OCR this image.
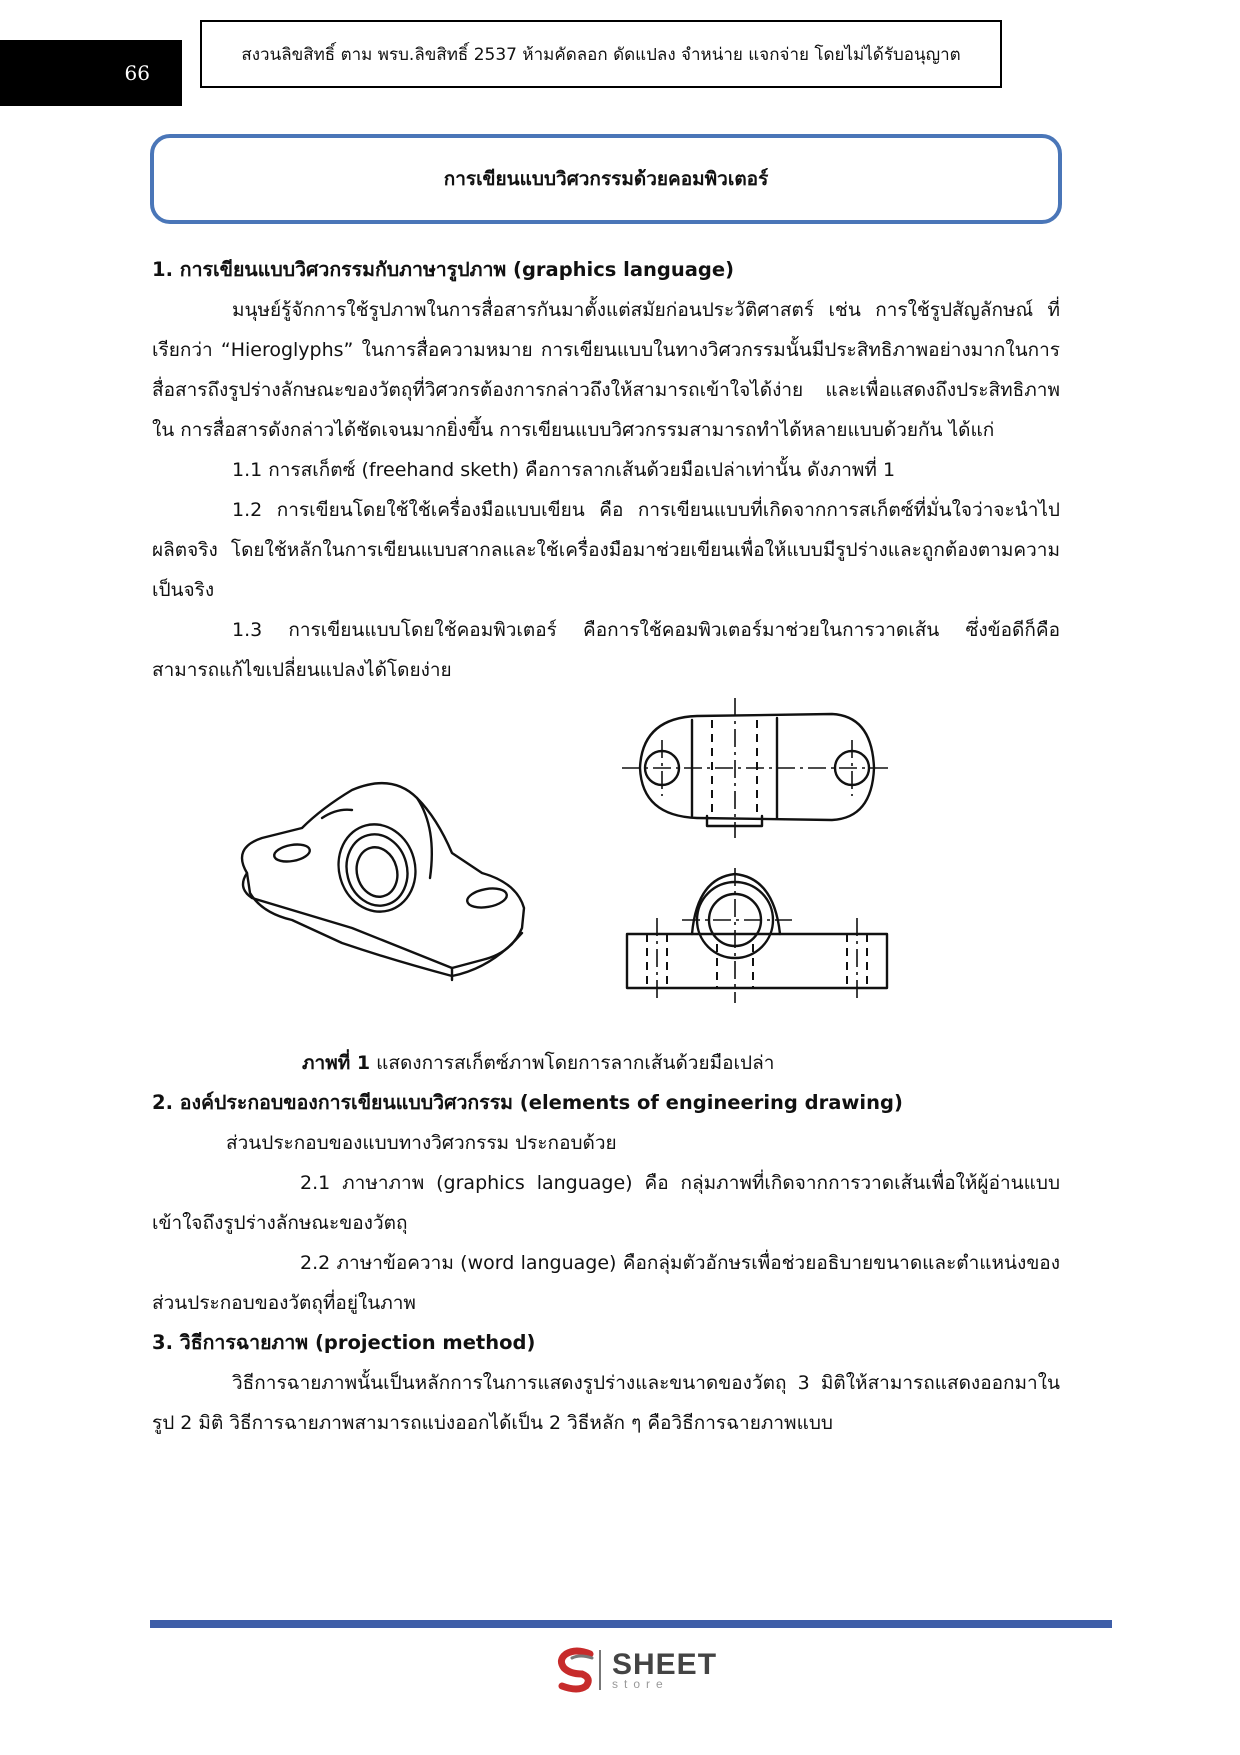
66
สงวนลิขสิทธิ์ ตาม พรบ.ลิขสิทธิ์ 2537 ห้ามคัดลอก ดัดแปลง จำหน่าย แจกจ่าย โดยไม่ได้รับอนุญาต
การเขียนแบบวิศวกรรมด้วยคอมพิวเตอร์

1. การเขียนแบบวิศวกรรมกับภาษารูปภาพ (graphics language)

มนุษย์รู้จักการใช้รูปภาพในการสื่อสารกันมาตั้งแต่สมัยก่อนประวัติศาสตร์ เช่น การใช้รูปสัญลักษณ์ ที่เรียกว่า “Hieroglyphs” ในการสื่อความหมาย การเขียนแบบในทางวิศวกรรมนั้นมีประสิทธิภาพอย่างมากในการสื่อสารถึงรูปร่างลักษณะของวัตถุที่วิศวกรต้องการกล่าวถึงให้สามารถเข้าใจได้ง่าย และเพื่อแสดงถึงประสิทธิภาพใน การสื่อสารดังกล่าวได้ชัดเจนมากยิ่งขึ้น การเขียนแบบวิศวกรรมสามารถทำได้หลายแบบด้วยกัน ได้แก่

1.1 การสเก็ตซ์ (freehand sketh) คือการลากเส้นด้วยมือเปล่าเท่านั้น ดังภาพที่ 1

1.2 การเขียนโดยใช้ใช้เครื่องมือแบบเขียน คือ การเขียนแบบที่เกิดจากการสเก็ตซ์ที่มั่นใจว่าจะนำไปผลิตจริง โดยใช้หลักในการเขียนแบบสากลและใช้เครื่องมือมาช่วยเขียนเพื่อให้แบบมีรูปร่างและถูกต้องตามความเป็นจริง

1.3 การเขียนแบบโดยใช้คอมพิวเตอร์ คือการใช้คอมพิวเตอร์มาช่วยในการวาดเส้น ซึ่งข้อดีก็คือสามารถแก้ไขเปลี่ยนแปลงได้โดยง่าย

ภาพที่ 1 แสดงการสเก็ตซ์ภาพโดยการลากเส้นด้วยมือเปล่า

2. องค์ประกอบของการเขียนแบบวิศวกรรม (elements of engineering drawing)

ส่วนประกอบของแบบทางวิศวกรรม ประกอบด้วย

2.1 ภาษาภาพ (graphics language) คือ กลุ่มภาพที่เกิดจากการวาดเส้นเพื่อให้ผู้อ่านแบบเข้าใจถึงรูปร่างลักษณะของวัตถุ

2.2 ภาษาข้อความ (word language) คือกลุ่มตัวอักษรเพื่อช่วยอธิบายขนาดและตำแหน่งของส่วนประกอบของวัตถุที่อยู่ในภาพ

3. วิธีการฉายภาพ (projection method)

วิธีการฉายภาพนั้นเป็นหลักการในการแสดงรูปร่างและขนาดของวัตถุ 3 มิติให้สามารถแสดงออกมาในรูป 2 มิติ วิธีการฉายภาพสามารถแบ่งออกได้เป็น 2 วิธีหลัก ๆ คือวิธีการฉายภาพแบบ

SHEET
store
